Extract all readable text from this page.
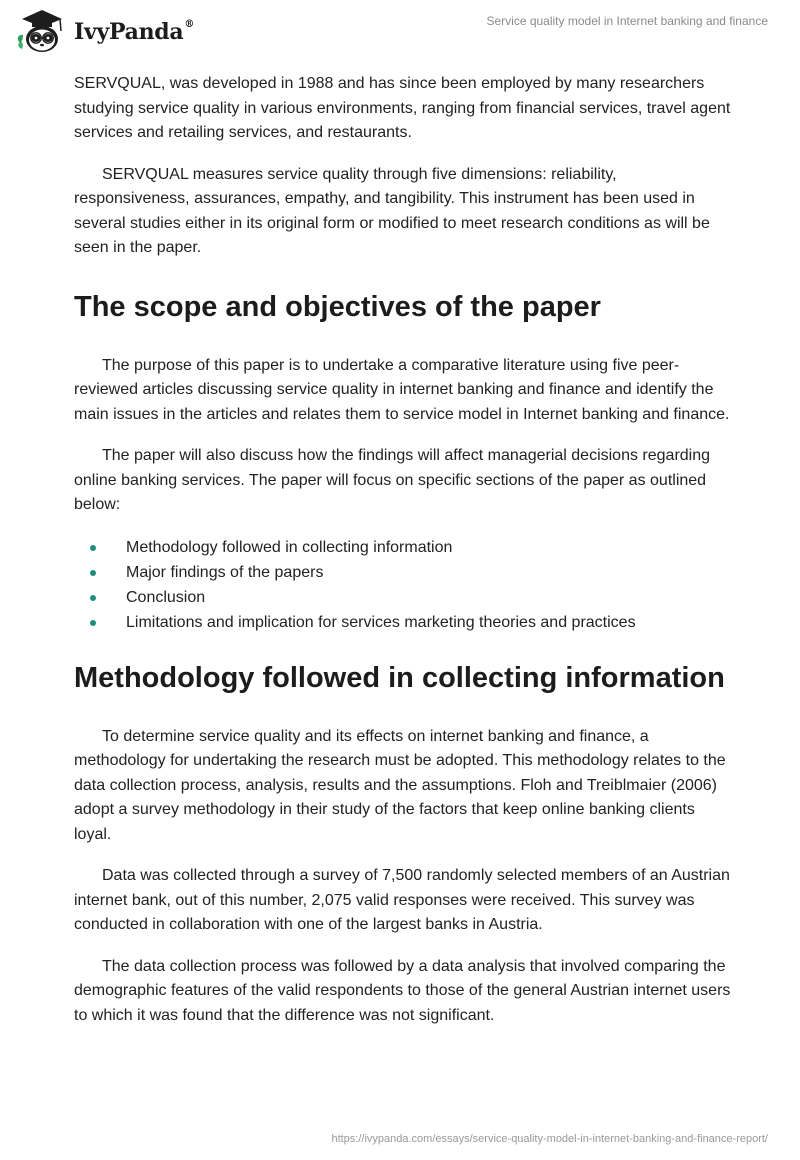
IvyPanda®	Service quality model in Internet banking and finance

SERVQUAL, was developed in 1988 and has since been employed by many researchers studying service quality in various environments, ranging from financial services, travel agent services and retailing services, and restaurants.

SERVQUAL measures service quality through five dimensions: reliability, responsiveness, assurances, empathy, and tangibility. This instrument has been used in several studies either in its original form or modified to meet research conditions as will be seen in the paper.

The scope and objectives of the paper

The purpose of this paper is to undertake a comparative literature using five peer-reviewed articles discussing service quality in internet banking and finance and identify the main issues in the articles and relates them to service model in Internet banking and finance.

The paper will also discuss how the findings will affect managerial decisions regarding online banking services. The paper will focus on specific sections of the paper as outlined below:

Methodology followed in collecting information
Major findings of the papers
Conclusion
Limitations and implication for services marketing theories and practices
Methodology followed in collecting information

To determine service quality and its effects on internet banking and finance, a methodology for undertaking the research must be adopted. This methodology relates to the data collection process, analysis, results and the assumptions. Floh and Treiblmaier (2006) adopt a survey methodology in their study of the factors that keep online banking clients loyal.

Data was collected through a survey of 7,500 randomly selected members of an Austrian internet bank, out of this number, 2,075 valid responses were received. This survey was conducted in collaboration with one of the largest banks in Austria.

The data collection process was followed by a data analysis that involved comparing the demographic features of the valid respondents to those of the general Austrian internet users to which it was found that the difference was not significant.

https://ivypanda.com/essays/service-quality-model-in-internet-banking-and-finance-report/
